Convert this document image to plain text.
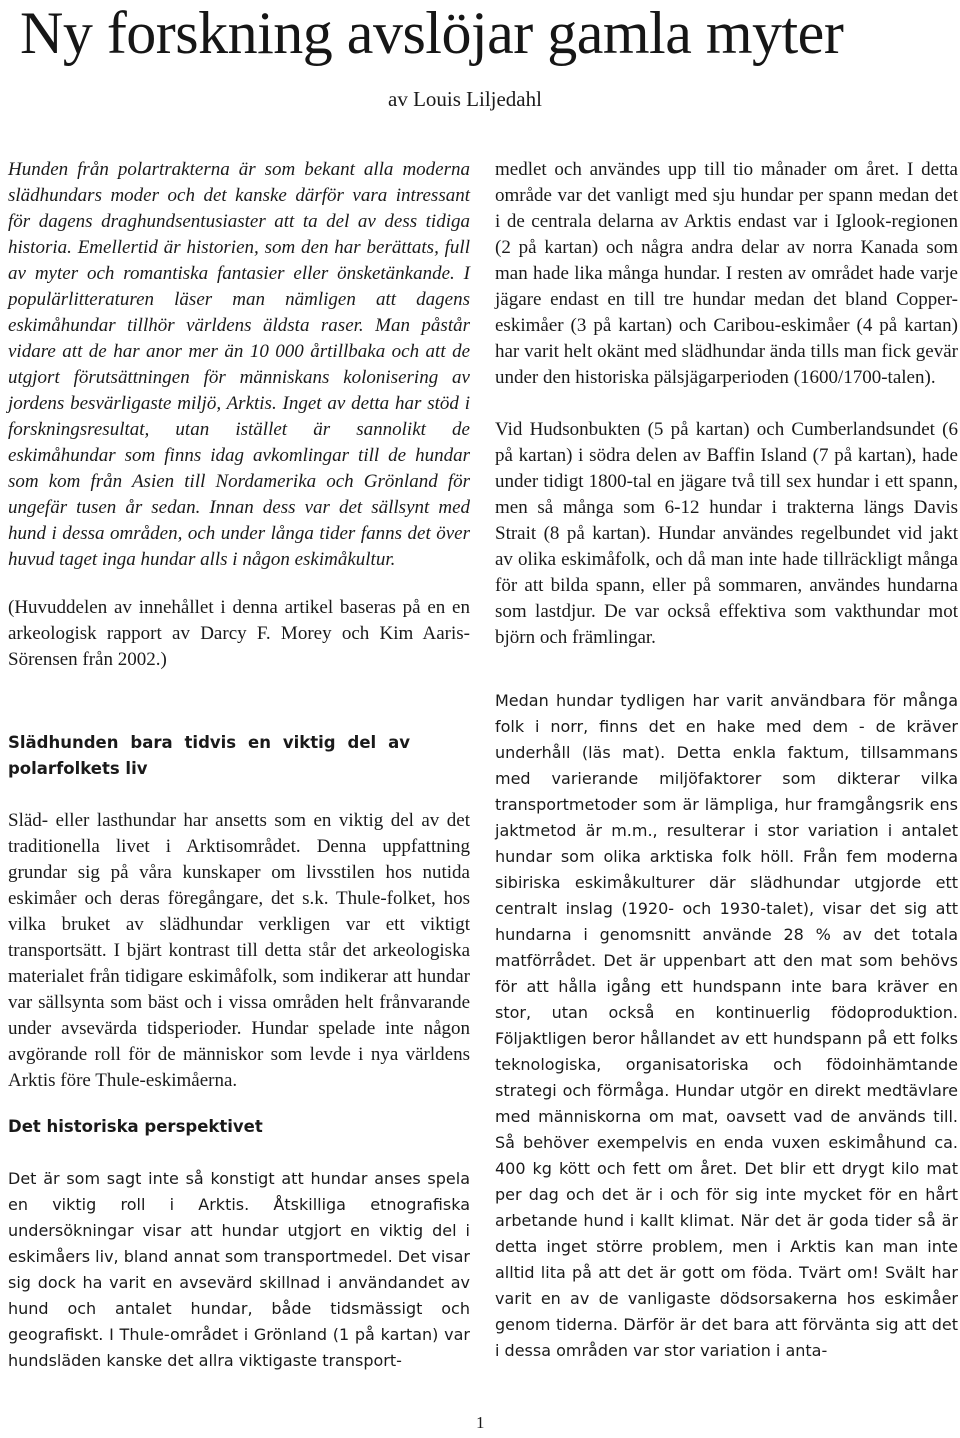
Ny forskning avslöjar gamla myter
av Louis Liljedahl

Hunden från polartrakterna är som bekant alla moderna slädhundars moder och det kanske därför vara intressant för dagens draghundsentusiaster att ta del av dess tidiga historia. Emellertid är historien, som den har berättats, full av myter och romantiska fantasier eller önsketänkande. I populärlitteraturen läser man nämligen att dagens eskimåhundar tillhör världens äldsta raser. Man påstår vidare att de har anor mer än 10 000 årtillbaka och att de utgjort förutsättningen för människans kolonisering av jordens besvärligaste miljö, Arktis. Inget av detta har stöd i forskningsresultat, utan istället är sannolikt de eskimåhundar som finns idag avkomlingar till de hundar som kom från Asien till Nordamerika och Grönland för ungefär tusen år sedan. Innan dess var det sällsynt med hund i dessa områden, och under långa tider fanns det över huvud taget inga hundar alls i någon eskimåkultur.

(Huvuddelen av innehållet i denna artikel baseras på en en arkeologisk rapport av Darcy F. Morey och Kim Aaris-Sörensen från 2002.)

Slädhunden bara tidvis en viktig del av polarfolkets liv

Släd- eller lasthundar har ansetts som en viktig del av det traditionella livet i Arktisområdet. Denna uppfattning grundar sig på våra kunskaper om livsstilen hos nutida eskimåer och deras föregångare, det s.k. Thule-folket, hos vilka bruket av slädhundar verkligen var ett viktigt transportsätt. I bjärt kontrast till detta står det arkeologiska materialet från tidigare eskimåfolk, som indikerar att hundar var sällsynta som bäst och i vissa områden helt frånvarande under avsevärda tidsperioder. Hundar spelade inte någon avgörande roll för de människor som levde i nya världens Arktis före Thule-eskimåerna.

Det historiska perspektivet

Det är som sagt inte så konstigt att hundar anses spela en viktig roll i Arktis. Åtskilliga etnografiska undersökningar visar att hundar utgjort en viktig del i eskimåers liv, bland annat som transportmedel. Det visar sig dock ha varit en avsevärd skillnad i användandet av hund och antalet hundar, både tidsmässigt och geografiskt. I Thule-området i Grönland (1 på kartan) var hundsläden kanske det allra viktigaste transport-

medlet och användes upp till tio månader om året. I detta område var det vanligt med sju hundar per spann medan det i de centrala delarna av Arktis endast var i Iglook-regionen (2 på kartan) och några andra delar av norra Kanada som man hade lika många hundar. I resten av området hade varje jägare endast en till tre hundar medan det bland Copper-eskimåer (3 på kartan) och Caribou-eskimåer (4 på kartan) har varit helt okänt med slädhundar ända tills man fick gevär under den historiska pälsjägarperioden (1600/1700-talen).

Vid Hudsonbukten (5 på kartan) och Cumberlandsundet (6 på kartan) i södra delen av Baffin Island (7 på kartan), hade under tidigt 1800-tal en jägare två till sex hundar i ett spann, men så många som 6-12 hundar i trakterna längs Davis Strait (8 på kartan). Hundar användes regelbundet vid jakt av olika eskimåfolk, och då man inte hade tillräckligt många för att bilda spann, eller på sommaren, användes hundarna som lastdjur. De var också effektiva som vakthundar mot björn och främlingar.

Medan hundar tydligen har varit användbara för många folk i norr, finns det en hake med dem - de kräver underhåll (läs mat). Detta enkla faktum, tillsammans med varierande miljöfaktorer som dikterar vilka transportmetoder som är lämpliga, hur framgångsrik ens jaktmetod är m.m., resulterar i stor variation i antalet hundar som olika arktiska folk höll. Från fem moderna sibiriska eskimåkulturer där slädhundar utgjorde ett centralt inslag (1920- och 1930-talet), visar det sig att hundarna i genomsnitt använde 28 % av det totala matförrådet. Det är uppenbart att den mat som behövs för att hålla igång ett hundspann inte bara kräver en stor, utan också en kontinuerlig födoproduktion. Följaktligen beror hållandet av ett hundspann på ett folks teknologiska, organisatoriska och födoinhämtande strategi och förmåga. Hundar utgör en direkt medtävlare med människorna om mat, oavsett vad de används till. Så behöver exempelvis en enda vuxen eskimåhund ca. 400 kg kött och fett om året. Det blir ett drygt kilo mat per dag och det är i och för sig inte mycket för en hårt arbetande hund i kallt klimat. När det är goda tider så är detta inget större problem, men i Arktis kan man inte alltid lita på att det är gott om föda. Tvärt om! Svält har varit en av de vanligaste dödsorsakerna hos eskimåer genom tiderna. Därför är det bara att förvänta sig att det i dessa områden var stor variation i anta-

1
